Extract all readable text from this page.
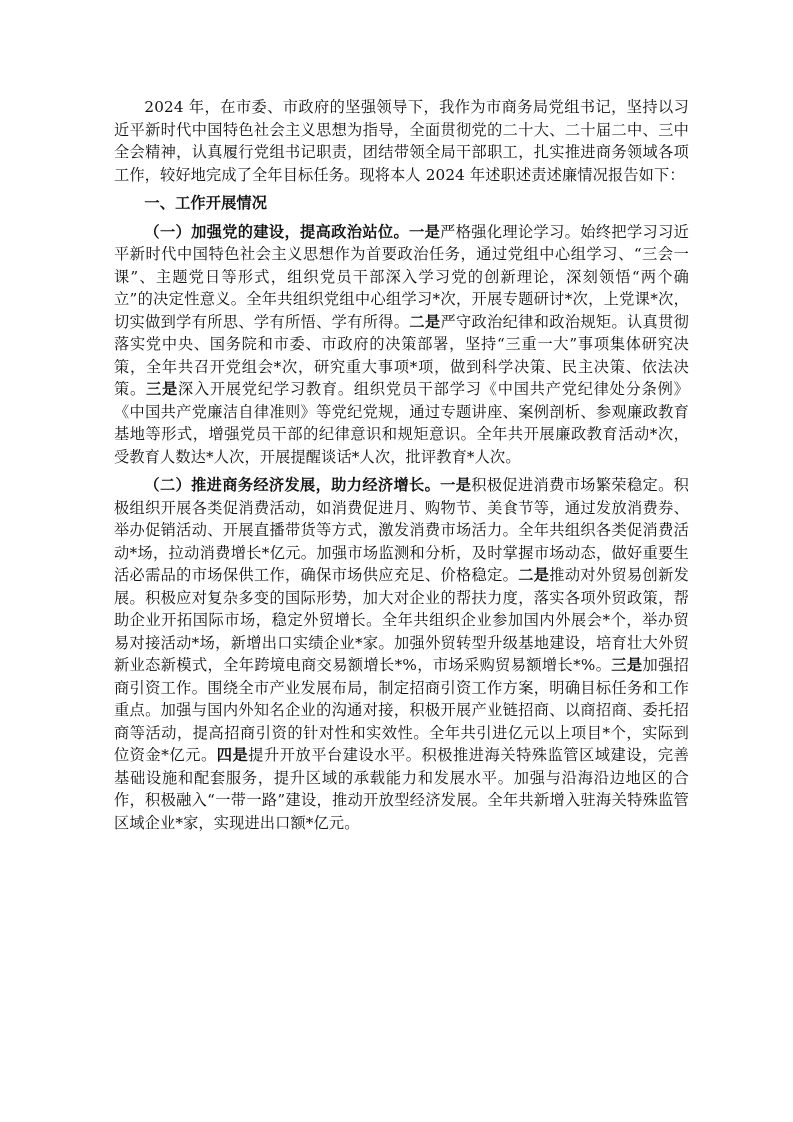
2024 年，在市委、市政府的坚强领导下，我作为市商务局党组书记，坚持以习近平新时代中国特色社会主义思想为指导，全面贯彻党的二十大、二十届二中、三中全会精神，认真履行党组书记职责，团结带领全局干部职工，扎实推进商务领域各项工作，较好地完成了全年目标任务。现将本人 2024 年述职述责述廉情况报告如下：

一、工作开展情况

（一）加强党的建设，提高政治站位。一是严格强化理论学习。始终把学习习近平新时代中国特色社会主义思想作为首要政治任务，通过党组中心组学习、“三会一课”、主题党日等形式，组织党员干部深入学习党的创新理论，深刻领悟“两个确立”的决定性意义。全年共组织党组中心组学习*次，开展专题研讨*次，上党课*次，切实做到学有所思、学有所悟、学有所得。二是严守政治纪律和政治规矩。认真贯彻落实党中央、国务院和市委、市政府的决策部署，坚持“三重一大”事项集体研究决策，全年共召开党组会*次，研究重大事项*项，做到科学决策、民主决策、依法决策。三是深入开展党纪学习教育。组织党员干部学习《中国共产党纪律处分条例》《中国共产党廉洁自律准则》等党纪党规，通过专题讲座、案例剖析、参观廉政教育基地等形式，增强党员干部的纪律意识和规矩意识。全年共开展廉政教育活动*次，受教育人数达*人次，开展提醒谈话*人次，批评教育*人次。

（二）推进商务经济发展，助力经济增长。一是积极促进消费市场繁荣稳定。积极组织开展各类促消费活动，如消费促进月、购物节、美食节等，通过发放消费券、举办促销活动、开展直播带货等方式，激发消费市场活力。全年共组织各类促消费活动*场，拉动消费增长*亿元。加强市场监测和分析，及时掌握市场动态，做好重要生活必需品的市场保供工作，确保市场供应充足、价格稳定。二是推动对外贸易创新发展。积极应对复杂多变的国际形势，加大对企业的帮扶力度，落实各项外贸政策，帮助企业开拓国际市场，稳定外贸增长。全年共组织企业参加国内外展会*个，举办贸易对接活动*场，新增出口实绩企业*家。加强外贸转型升级基地建设，培育壮大外贸新业态新模式，全年跨境电商交易额增长*%，市场采购贸易额增长*%。三是加强招商引资工作。围绕全市产业发展布局，制定招商引资工作方案，明确目标任务和工作重点。加强与国内外知名企业的沟通对接，积极开展产业链招商、以商招商、委托招商等活动，提高招商引资的针对性和实效性。全年共引进亿元以上项目*个，实际到位资金*亿元。四是提升开放平台建设水平。积极推进海关特殊监管区域建设，完善基础设施和配套服务，提升区域的承载能力和发展水平。加强与沿海沿边地区的合作，积极融入“一带一路”建设，推动开放型经济发展。全年共新增入驻海关特殊监管区域企业*家，实现进出口额*亿元。
